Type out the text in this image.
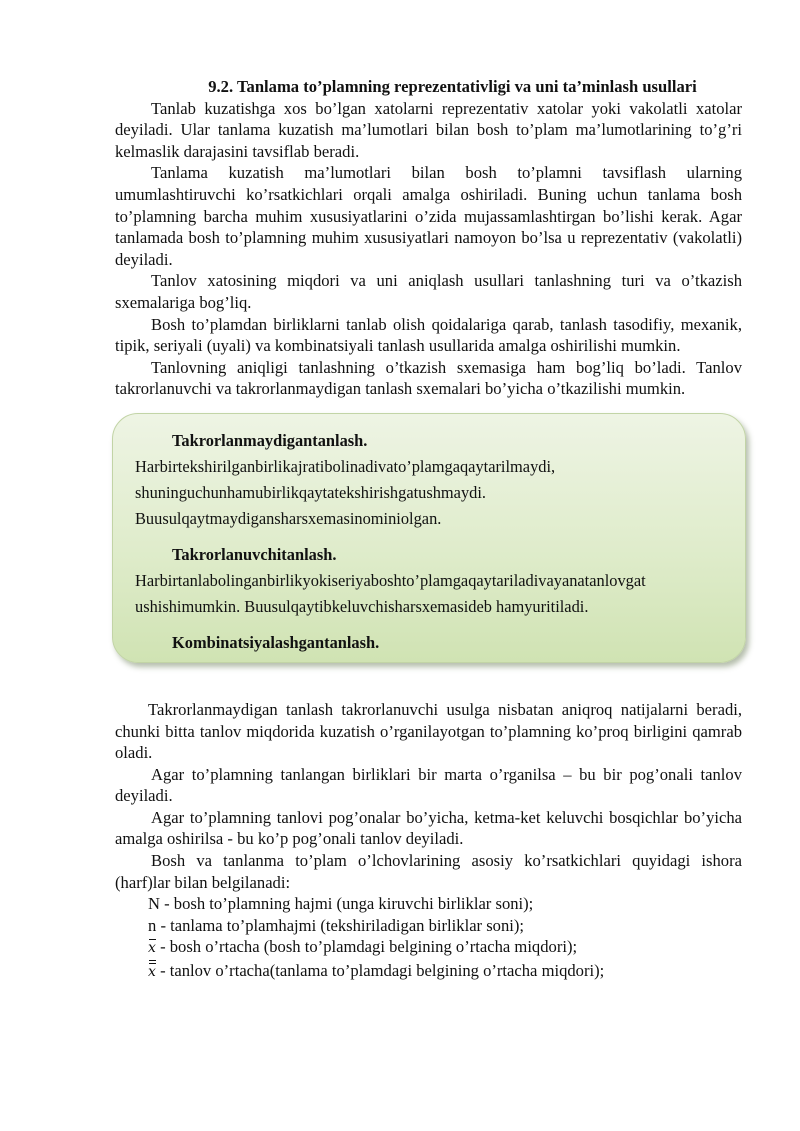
9.2. Tanlama to’plamning reprezentativligi va uni ta’minlash usullari

Tanlab kuzatishga xos bo’lgan xatolarni reprezentativ xatolar yoki vakolatli xatolar deyiladi. Ular tanlama kuzatish ma’lumotlari bilan bosh to’plam ma’lumotlarining to’g’ri kelmaslik darajasini tavsiflab beradi.

Tanlama kuzatish ma’lumotlari bilan bosh to’plamni tavsiflash ularning umumlashtiruvchi ko’rsatkichlari orqali amalga oshiriladi. Buning uchun tanlama bosh to’plamning barcha muhim xususiyatlarini o’zida mujassamlashtirgan bo’lishi kerak. Agar tanlamada bosh to’plamning muhim xususiyatlari namoyon bo’lsa u reprezentativ (vakolatli) deyiladi.

Tanlov xatosining miqdori va uni aniqlash usullari tanlashning turi va o’tkazish sxemalariga bog’liq.

Bosh to’plamdan birliklarni tanlab olish qoidalariga qarab, tanlash tasodifiy, mexanik, tipik, seriyali (uyali) va kombinatsiyali tanlash usullarida amalga oshirilishi mumkin.

Tanlovning aniqligi tanlashning o’tkazish sxemasiga ham bog’liq bo’ladi. Tanlov takrorlanuvchi va takrorlanmaydigan tanlash sxemalari bo’yicha o’tkazilishi mumkin.

Takrorlanmaydigantanlash.
Harbirtekshirilganbirlikajratibolinadivato’plamgaqaytarilmaydi,
shuninguchunhamubirlikqaytatekshirishgatushmaydi.
Buusulqaytmaydigansharsxemasinominiolgan.
Takrorlanuvchitanlash.
Harbirtanlabolinganbirlikyokiseriyaboshto’plamgaqaytariladivayanatanlovgat
ushishimumkin. Buusulqaytibkeluvchisharsxemasideb hamyuritiladi.
Kombinatsiyalashgantanlash.

Takrorlanmaydigan tanlash takrorlanuvchi usulga nisbatan aniqroq natijalarni beradi, chunki bitta tanlov miqdorida kuzatish o’rganilayotgan to’plamning ko’proq birligini qamrab oladi.

Agar to’plamning tanlangan birliklari bir marta o’rganilsa – bu bir pog’onali tanlov deyiladi.

Agar to’plamning tanlovi pog’onalar bo’yicha, ketma-ket keluvchi bosqichlar bo’yicha amalga oshirilsa - bu ko’p pog’onali tanlov deyiladi.

Bosh va tanlanma to’plam o’lchovlarining asosiy ko’rsatkichlari quyidagi ishora (harf)lar bilan belgilanadi:

N - bosh to’plamning hajmi (unga kiruvchi birliklar soni);
n - tanlama to’plamhajmi (tekshiriladigan birliklar soni);
x - bosh o’rtacha (bosh to’plamdagi belgining o’rtacha miqdori);
x - tanlov o’rtacha(tanlama to’plamdagi belgining o’rtacha miqdori);
